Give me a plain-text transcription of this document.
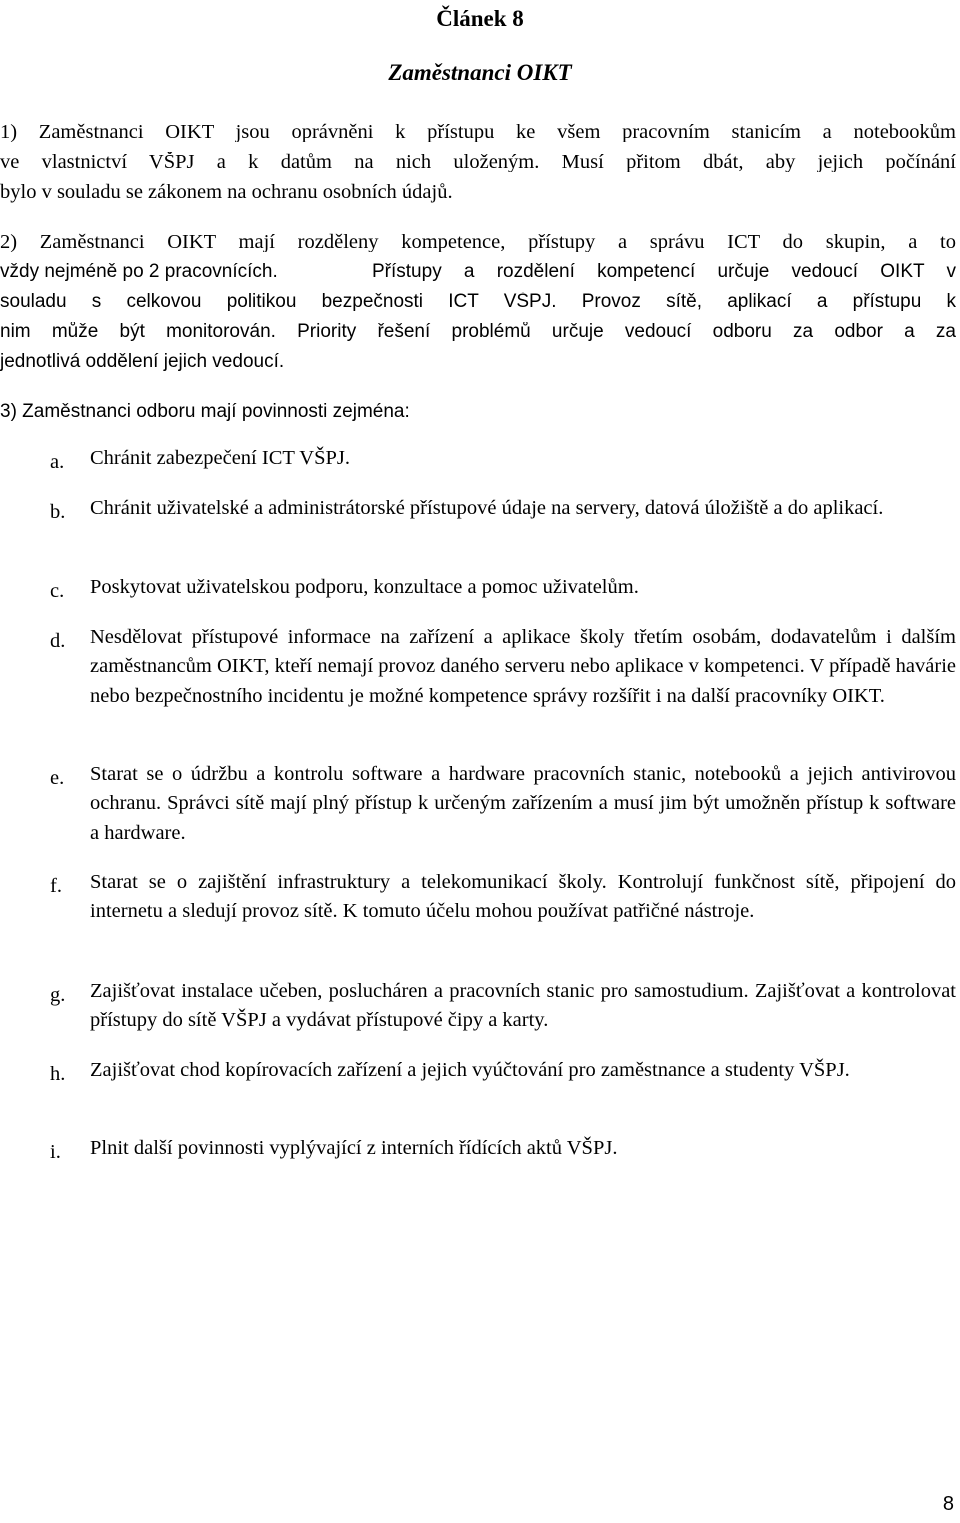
Článek 8
Zaměstnanci OIKT
1) Zaměstnanci OIKT jsou oprávněni k přístupu ke všem pracovním stanicím a notebookům
ve vlastnictví VŠPJ a k datům na nich uloženým. Musí přitom dbát, aby jejich počínání
bylo v souladu se zákonem na ochranu osobních údajů.
2) Zaměstnanci OIKT mají rozděleny kompetence, přístupy a správu ICT do skupin, a to
vždy nejméně po 2 pracovnících.	Přístupy a rozdělení kompetencí určuje vedoucí OIKT v
souladu s celkovou politikou bezpečnosti ICT VŠPJ. Provoz sítě, aplikací a přístupu k
nim může být monitorován. Priority řešení problémů určuje vedoucí odboru za odbor a za
jednotlivá oddělení jejich vedoucí.
3) Zaměstnanci odboru mají povinnosti zejména:
a. Chránit zabezpečení ICT VŠPJ.
b. Chránit uživatelské a administrátorské přístupové údaje na servery, datová úložiště a do aplikací.
c. Poskytovat uživatelskou podporu, konzultace a pomoc uživatelům.
d. Nesdělovat přístupové informace na zařízení a aplikace školy třetím osobám, dodavatelům i dalším zaměstnancům OIKT, kteří nemají provoz daného serveru nebo aplikace v kompetenci. V případě havárie nebo bezpečnostního incidentu je možné kompetence správy rozšířit i na další pracovníky OIKT.
e. Starat se o údržbu a kontrolu software a hardware pracovních stanic, notebooků a jejich antivirovou ochranu. Správci sítě mají plný přístup k určeným zařízením a musí jim být umožněn přístup k software a hardware.
f. Starat se o zajištění infrastruktury a telekomunikací školy. Kontrolují funkčnost sítě, připojení do internetu a sledují provoz sítě. K tomuto účelu mohou používat patřičné nástroje.
g. Zajišťovat instalace učeben, poslucháren a pracovních stanic pro samostudium. Zajišťovat a kontrolovat přístupy do sítě VŠPJ a vydávat přístupové čipy a karty.
h. Zajišťovat chod kopírovacích zařízení a jejich vyúčtování pro zaměstnance a studenty VŠPJ.
i. Plnit další povinnosti vyplývající z interních řídících aktů VŠPJ.
8
